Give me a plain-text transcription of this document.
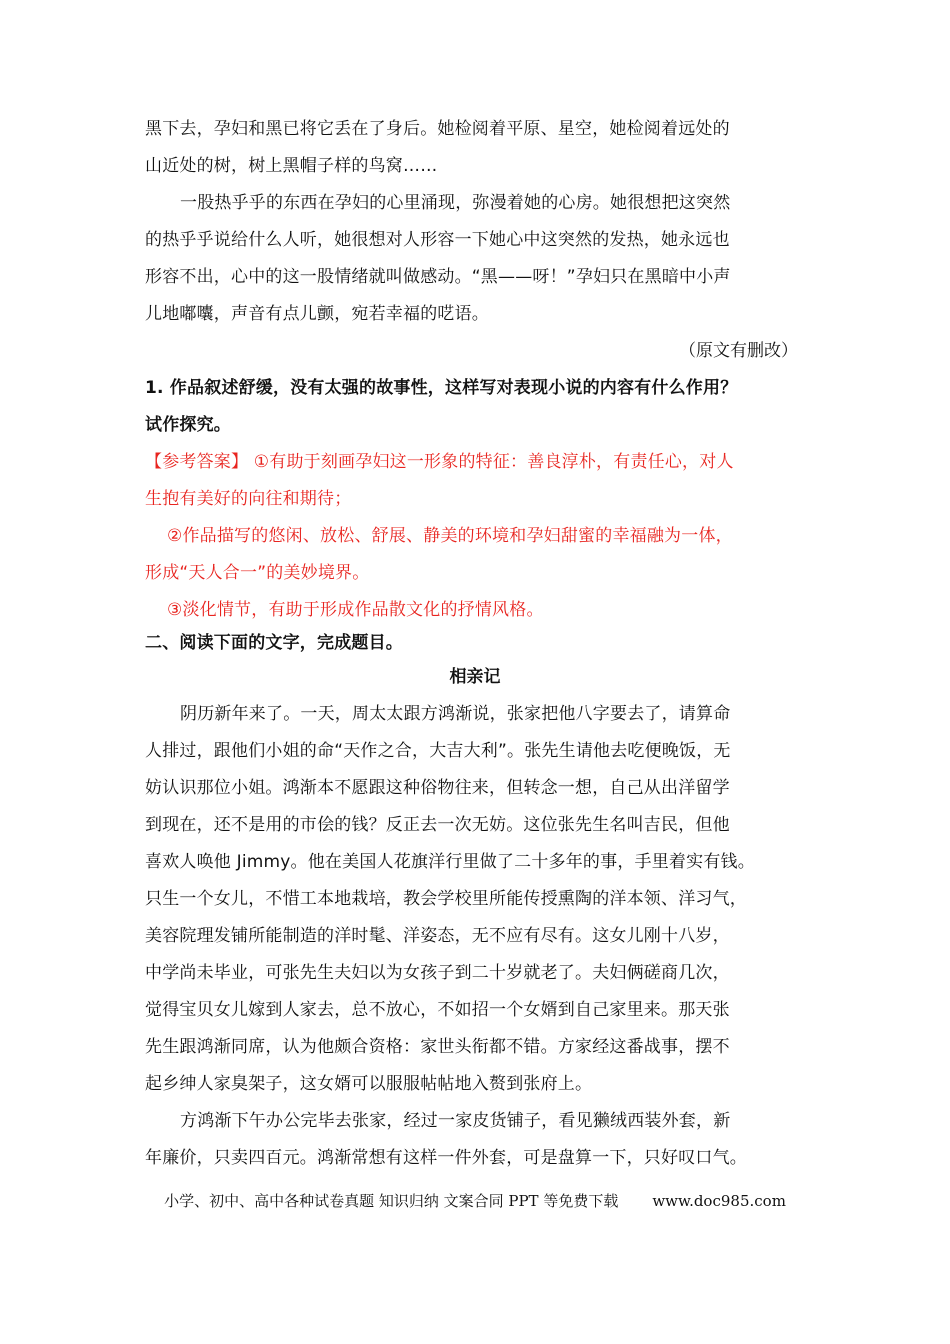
黑下去，孕妇和黑已将它丢在了身后。她检阅着平原、星空，她检阅着远处的
山近处的树，树上黑帽子样的鸟窝……
一股热乎乎的东西在孕妇的心里涌现，弥漫着她的心房。她很想把这突然
的热乎乎说给什么人听，她很想对人形容一下她心中这突然的发热，她永远也
形容不出，心中的这一股情绪就叫做感动。“黑——呀！”孕妇只在黑暗中小声
儿地嘟囔，声音有点儿颤，宛若幸福的呓语。
（原文有删改）
1. 作品叙述舒缓，没有太强的故事性，这样写对表现小说的内容有什么作用？
试作探究。
【参考答案】 ①有助于刻画孕妇这一形象的特征：善良淳朴，有责任心，对人
生抱有美好的向往和期待；
②作品描写的悠闲、放松、舒展、静美的环境和孕妇甜蜜的幸福融为一体，
形成“天人合一”的美妙境界。
③淡化情节，有助于形成作品散文化的抒情风格。
二、阅读下面的文字，完成题目。
相亲记
阴历新年来了。一天，周太太跟方鸿渐说，张家把他八字要去了，请算命
人排过，跟他们小姐的命“天作之合，大吉大利”。张先生请他去吃便晚饭，无
妨认识那位小姐。鸿渐本不愿跟这种俗物往来，但转念一想，自己从出洋留学
到现在，还不是用的市侩的钱？反正去一次无妨。这位张先生名叫吉民，但他
喜欢人唤他 Jimmy。他在美国人花旗洋行里做了二十多年的事，手里着实有钱。
只生一个女儿，不惜工本地栽培，教会学校里所能传授熏陶的洋本领、洋习气，
美容院理发铺所能制造的洋时髦、洋姿态，无不应有尽有。这女儿刚十八岁，
中学尚未毕业，可张先生夫妇以为女孩子到二十岁就老了。夫妇俩磋商几次，
觉得宝贝女儿嫁到人家去，总不放心，不如招一个女婿到自己家里来。那天张
先生跟鸿渐同席，认为他颇合资格：家世头衔都不错。方家经这番战事，摆不
起乡绅人家臭架子，这女婿可以服服帖帖地入赘到张府上。
方鸿渐下午办公完毕去张家，经过一家皮货铺子，看见獭绒西装外套，新
年廉价，只卖四百元。鸿渐常想有这样一件外套，可是盘算一下，只好叹口气。
小学、初中、高中各种试卷真题 知识归纳 文案合同 PPT 等免费下载 www.doc985.com
